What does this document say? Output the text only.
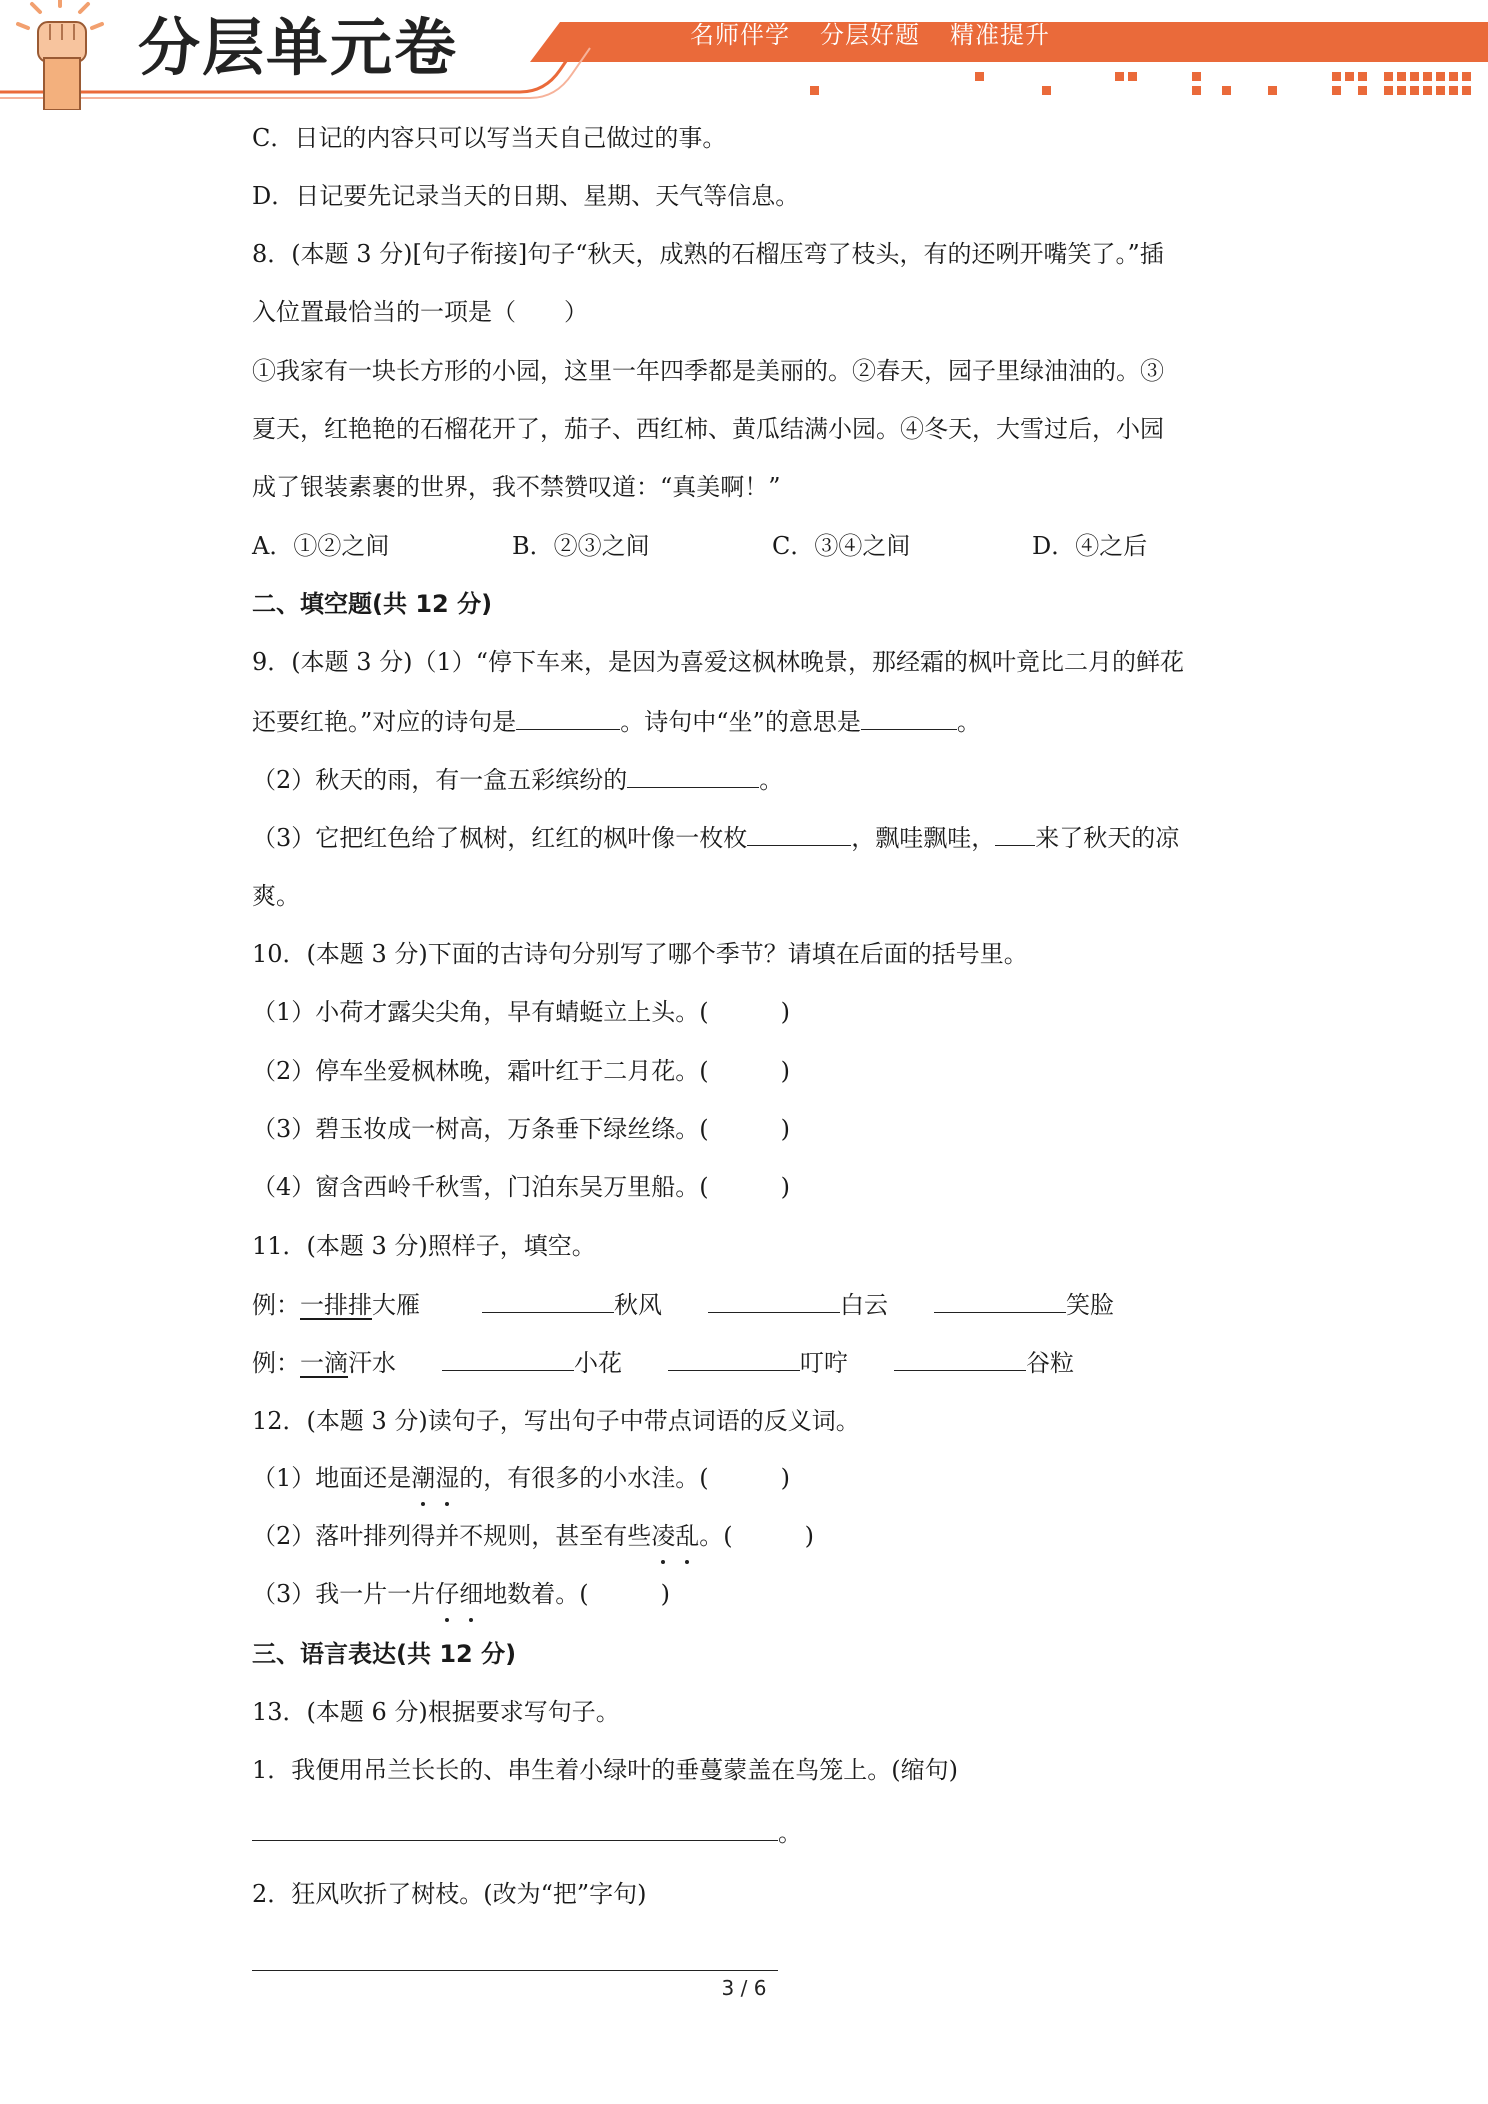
分层单元卷	名师伴学 分层好题 精准提升
C．日记的内容只可以写当天自己做过的事。
D．日记要先记录当天的日期、星期、天气等信息。
8．(本题 3 分)[句子衔接]句子“秋天，成熟的石榴压弯了枝头，有的还咧开嘴笑了。”插
入位置最恰当的一项是（　　）
①我家有一块长方形的小园，这里一年四季都是美丽的。②春天，园子里绿油油的。③
夏天，红艳艳的石榴花开了，茄子、西红柿、黄瓜结满小园。④冬天，大雪过后，小园
成了银装素裹的世界，我不禁赞叹道：“真美啊！”
A．①②之间	B．②③之间	C．③④之间	D．④之后
二、填空题(共 12 分)
9．(本题 3 分)（1）“停下车来，是因为喜爱这枫林晚景，那经霜的枫叶竟比二月的鲜花
还要红艳。”对应的诗句是	。诗句中“坐”的意思是	。
（2）秋天的雨，有一盒五彩缤纷的	。
（3）它把红色给了枫树，红红的枫叶像一枚枚	，飘哇飘哇， 来了秋天的凉
爽。
10．(本题 3 分)下面的古诗句分别写了哪个季节？请填在后面的括号里。
（1）小荷才露尖尖角，早有蜻蜓立上头。(　　　)
（2）停车坐爱枫林晚，霜叶红于二月花。(　　　)
（3）碧玉妆成一树高，万条垂下绿丝绦。(　　　)
（4）窗含西岭千秋雪，门泊东吴万里船。(　　　)
11．(本题 3 分)照样子，填空。
例：一排排大雁	秋风	白云	笑脸
例：一滴汗水	小花	叮咛	谷粒
12．(本题 3 分)读句子，写出句子中带点词语的反义词。
（1）地面还是潮湿的，有很多的小水洼。(　　　)
（2）落叶排列得并不规则，甚至有些凌乱。(　　　)
（3）我一片一片仔细地数着。(　　　)
三、语言表达(共 12 分)
13．(本题 6 分)根据要求写句子。
1．我便用吊兰长长的、串生着小绿叶的垂蔓蒙盖在鸟笼上。(缩句)
。
2．狂风吹折了树枝。(改为“把”字句)
3 / 6
